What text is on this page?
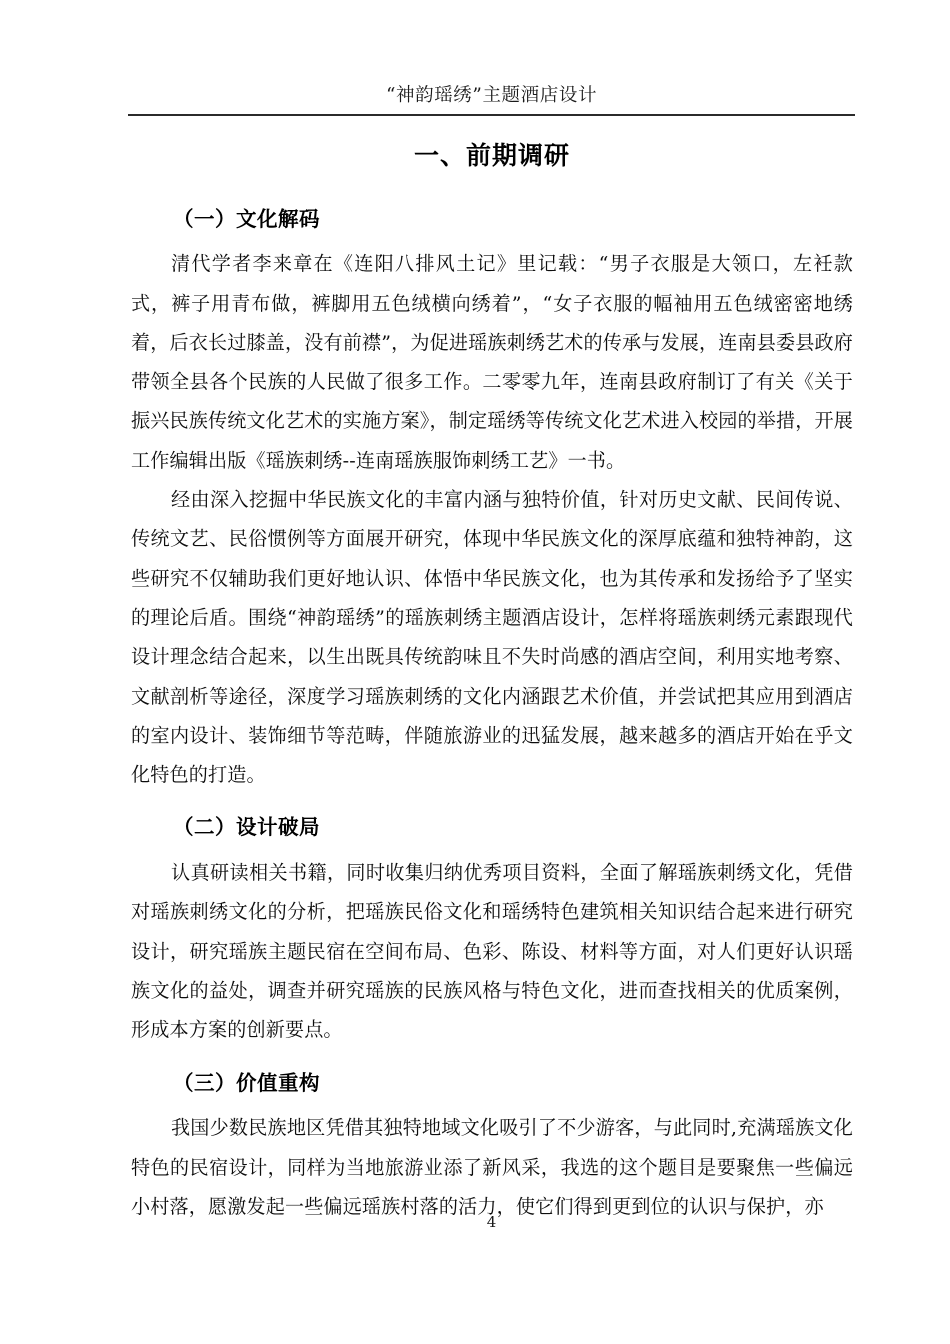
“神韵瑶绣”主题酒店设计
一、前期调研
（一）文化解码

清代学者李来章在《连阳八排风土记》里记载：“男子衣服是大领口，左衽款式，裤子用青布做，裤脚用五色绒横向绣着”，“女子衣服的幅袖用五色绒密密地绣着，后衣长过膝盖，没有前襟”，为促进瑶族刺绣艺术的传承与发展，连南县委县政府带领全县各个民族的人民做了很多工作。二零零九年，连南县政府制订了有关《关于振兴民族传统文化艺术的实施方案》，制定瑶绣等传统文化艺术进入校园的举措，开展工作编辑出版《瑶族刺绣--连南瑶族服饰刺绣工艺》一书。

经由深入挖掘中华民族文化的丰富内涵与独特价值，针对历史文献、民间传说、传统文艺、民俗惯例等方面展开研究，体现中华民族文化的深厚底蕴和独特神韵，这些研究不仅辅助我们更好地认识、体悟中华民族文化，也为其传承和发扬给予了坚实的理论后盾。围绕“神韵瑶绣”的瑶族刺绣主题酒店设计，怎样将瑶族刺绣元素跟现代设计理念结合起来，以生出既具传统韵味且不失时尚感的酒店空间，利用实地考察、文献剖析等途径，深度学习瑶族刺绣的文化内涵跟艺术价值，并尝试把其应用到酒店的室内设计、装饰细节等范畴，伴随旅游业的迅猛发展，越来越多的酒店开始在乎文化特色的打造。

（二）设计破局

认真研读相关书籍，同时收集归纳优秀项目资料，全面了解瑶族刺绣文化，凭借对瑶族刺绣文化的分析，把瑶族民俗文化和瑶绣特色建筑相关知识结合起来进行研究设计，研究瑶族主题民宿在空间布局、色彩、陈设、材料等方面，对人们更好认识瑶族文化的益处，调查并研究瑶族的民族风格与特色文化，进而查找相关的优质案例，形成本方案的创新要点。

（三）价值重构

我国少数民族地区凭借其独特地域文化吸引了不少游客，与此同时,充满瑶族文化特色的民宿设计，同样为当地旅游业添了新风采，我选的这个题目是要聚焦一些偏远小村落，愿激发起一些偏远瑶族村落的活力，使它们得到更到位的认识与保护，亦

4
